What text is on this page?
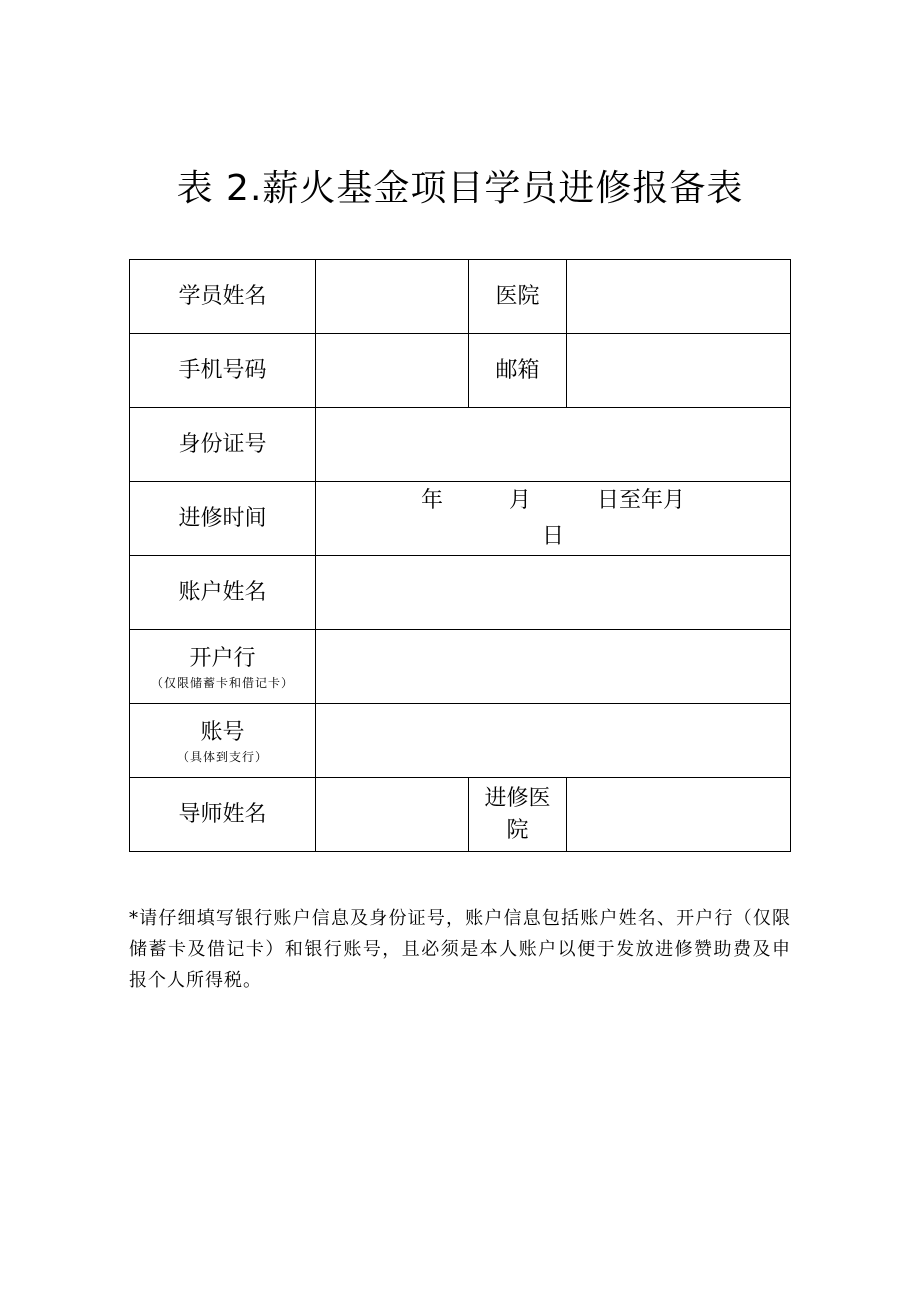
表 2.薪火基金项目学员进修报备表
学员姓名		医院	
手机号码		邮箱	
身份证号			
进修时间	年 月 日至年月
日		

账户姓名			

开户行
（仅限储蓄卡和借记卡）			

账号
（具体到支行）			

导师姓名		进修医
院	

*请仔细填写银行账户信息及身份证号，账户信息包括账户姓名、开户行（仅限储蓄卡及借记卡）和银行账号，且必须是本人账户以便于发放进修赞助费及申报个人所得税。
